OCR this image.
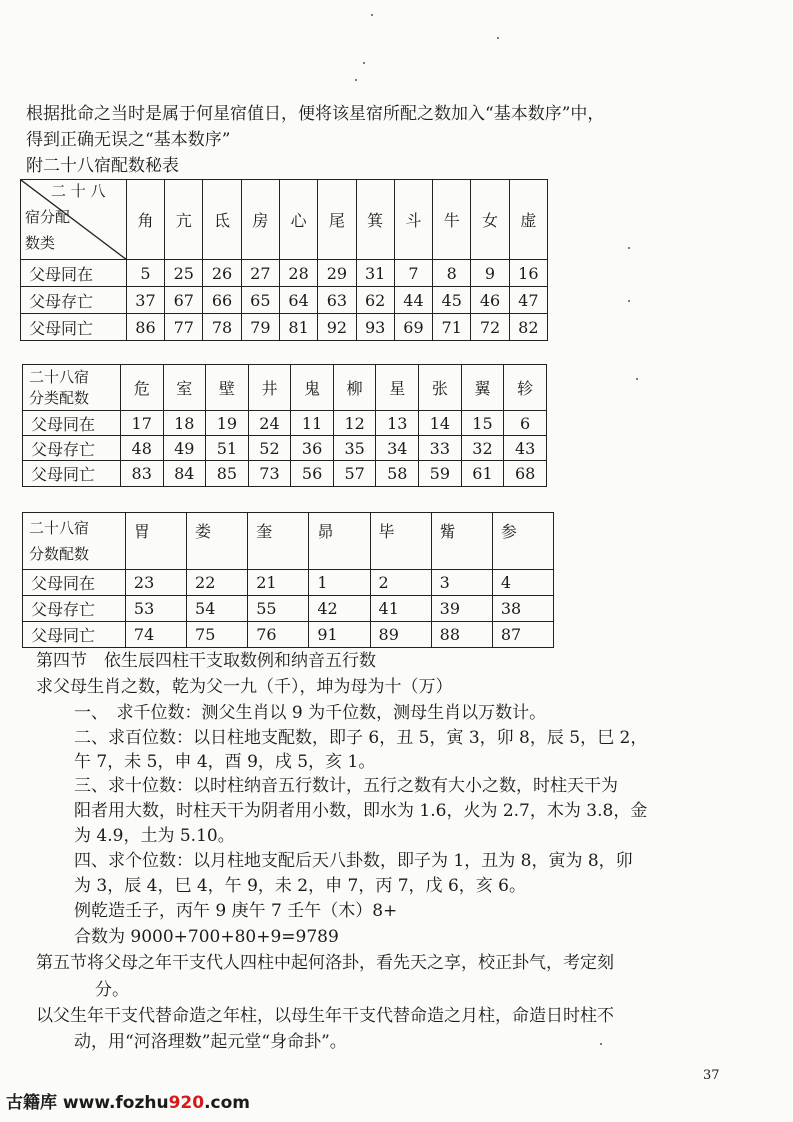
根据批命之当时是属于何星宿值日，便将该星宿所配之数加入“基本数序”中，
得到正确无误之“基本数序”
附二十八宿配数秘表
二 十 八
宿分配
数类	角	亢	氐	房	心	尾	箕	斗	牛	女	虚
父母同在	5	25	26	27	28	29	31	7	8	9	16
父母存亡	37	67	66	65	64	63	62	44	45	46	47
父母同亡	86	77	78	79	81	92	93	69	71	72	82
二十八宿
分类配数	危	室	壁	井	鬼	柳	星	张	翼	轸
父母同在	17	18	19	24	11	12	13	14	15	6
父母存亡	48	49	51	52	36	35	34	33	32	43
父母同亡	83	84	85	73	56	57	58	59	61	68
二十八宿
分数配数	胃	娄	奎	昴	毕	觜	参
父母同在	23	22	21	1	2	3	4
父母存亡	53	54	55	42	41	39	38
父母同亡	74	75	76	91	89	88	87
第四节　依生辰四柱干支取数例和纳音五行数
求父母生肖之数，乾为父一九（千），坤为母为十（万）
一、　求千位数：测父生肖以 9 为千位数，测母生肖以万数计。
二、求百位数：以日柱地支配数，即子 6，丑 5，寅 3，卯 8，辰 5，巳 2，
午 7，未 5，申 4，酉 9，戌 5，亥 1。
三、求十位数：以时柱纳音五行数计，五行之数有大小之数，时柱天干为
阳者用大数，时柱天干为阴者用小数，即水为 1.6，火为 2.7，木为 3.8，金
为 4.9，土为 5.10。
四、求个位数：以月柱地支配后天八卦数，即子为 1，丑为 8，寅为 8，卯
为 3，辰 4，巳 4，午 9，未 2，申 7，丙 7，戊 6，亥 6。
例乾造壬子，丙午 9 庚午 7 壬午（木）8+
合数为 9000+700+80+9=9789
第五节将父母之年干支代人四柱中起何洛卦，看先天之享，校正卦气，考定刻
分。
以父生年干支代替命造之年柱，以母生年干支代替命造之月柱，命造日时柱不
动，用“河洛理数”起元堂“身命卦”。
古籍库 www.fozhu920.com
37
